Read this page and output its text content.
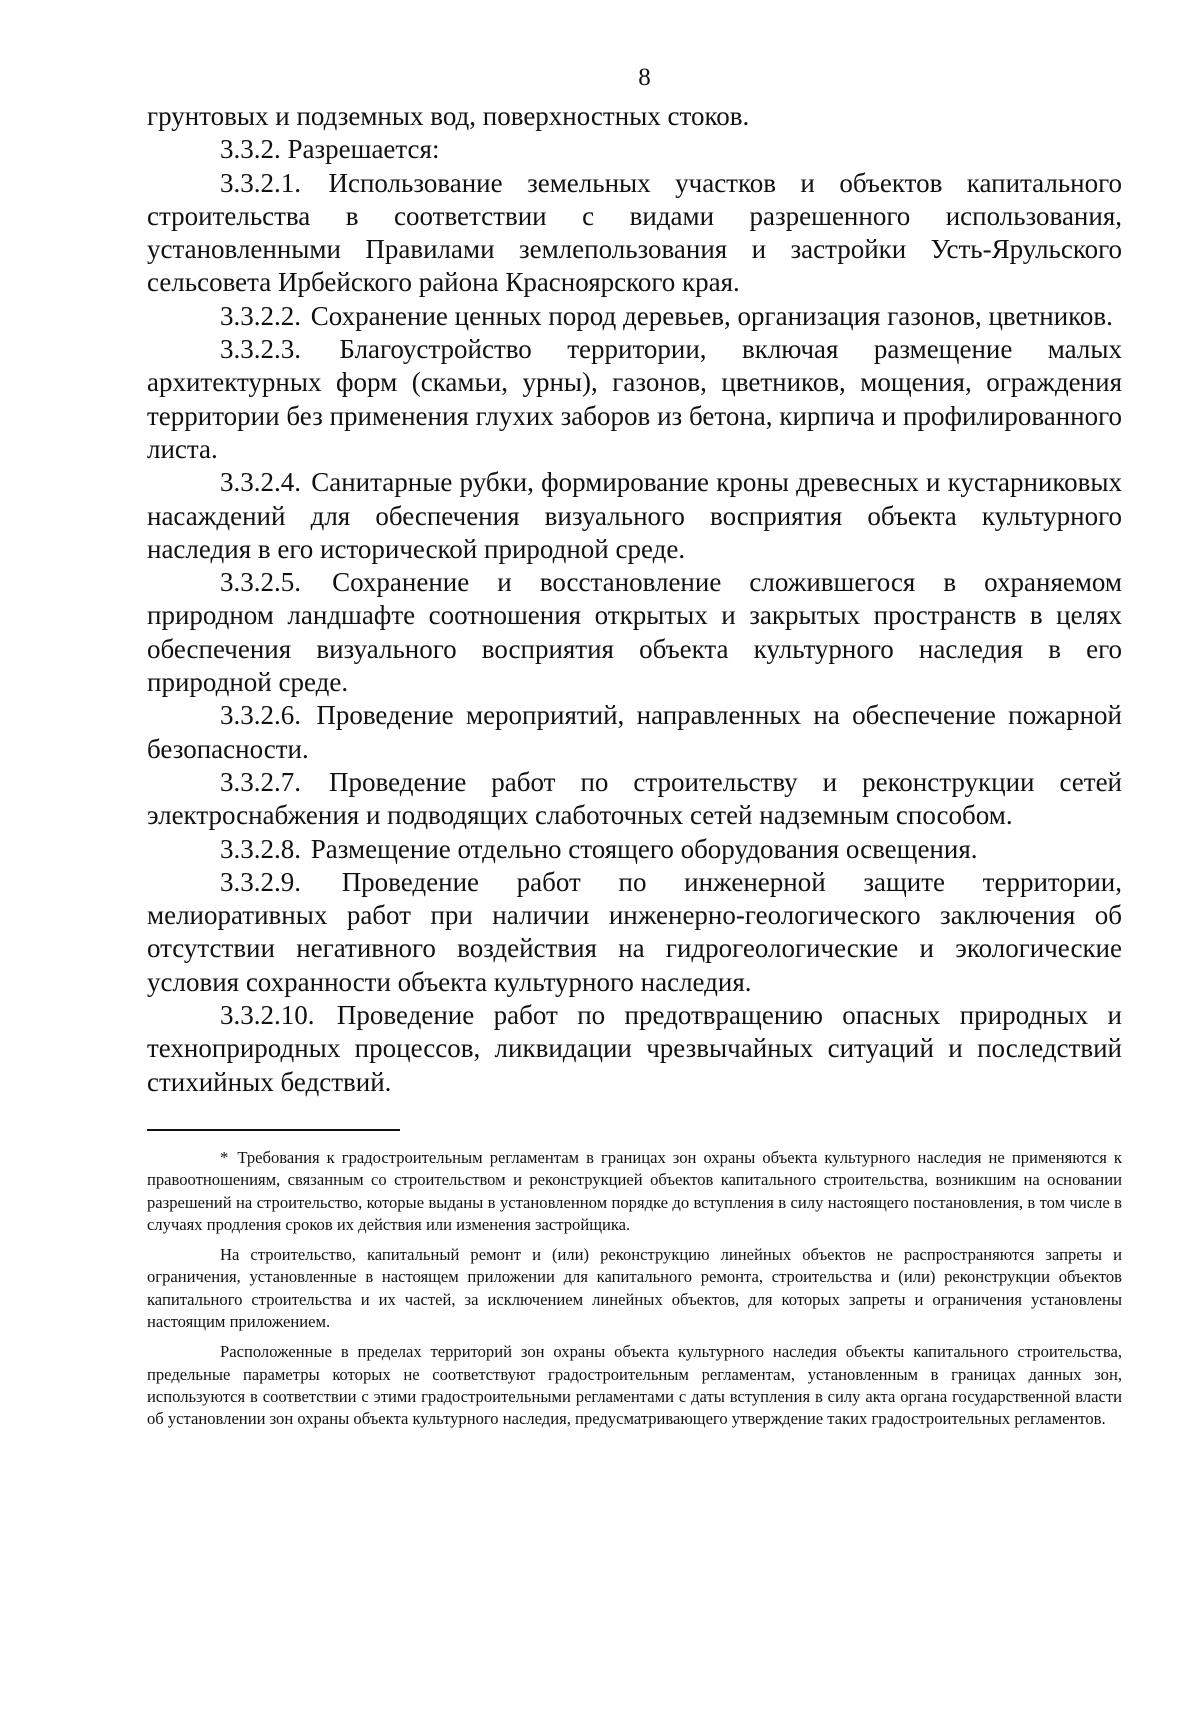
8

грунтовых и подземных вод, поверхностных стоков.

3.3.2. Разрешается:

3.3.2.1. Использование земельных участков и объектов капитального строительства в соответствии с видами разрешенного использования, установленными Правилами землепользования и застройки Усть-Ярульского сельсовета Ирбейского района Красноярского края.

3.3.2.2. Сохранение ценных пород деревьев, организация газонов, цветников.

3.3.2.3. Благоустройство территории, включая размещение малых архитектурных форм (скамьи, урны), газонов, цветников, мощения, ограждения территории без применения глухих заборов из бетона, кирпича и профилированного листа.

3.3.2.4. Санитарные рубки, формирование кроны древесных и кустарниковых насаждений для обеспечения визуального восприятия объекта культурного наследия в его исторической природной среде.

3.3.2.5. Сохранение и восстановление сложившегося в охраняемом природном ландшафте соотношения открытых и закрытых пространств в целях обеспечения визуального восприятия объекта культурного наследия в его природной среде.

3.3.2.6. Проведение мероприятий, направленных на обеспечение пожарной безопасности.

3.3.2.7. Проведение работ по строительству и реконструкции сетей электроснабжения и подводящих слаботочных сетей надземным способом.

3.3.2.8. Размещение отдельно стоящего оборудования освещения.

3.3.2.9. Проведение работ по инженерной защите территории, мелиоративных работ при наличии инженерно-геологического заключения об отсутствии негативного воздействия на гидрогеологические и экологические условия сохранности объекта культурного наследия.

3.3.2.10. Проведение работ по предотвращению опасных природных и техноприродных процессов, ликвидации чрезвычайных ситуаций и последствий стихийных бедствий.

* Требования к градостроительным регламентам в границах зон охраны объекта культурного наследия не применяются к правоотношениям, связанным со строительством и реконструкцией объектов капитального строительства, возникшим на основании разрешений на строительство, которые выданы в установленном порядке до вступления в силу настоящего постановления, в том числе в случаях продления сроков их действия или изменения застройщика.

На строительство, капитальный ремонт и (или) реконструкцию линейных объектов не распространяются запреты и ограничения, установленные в настоящем приложении для капитального ремонта, строительства и (или) реконструкции объектов капитального строительства и их частей, за исключением линейных объектов, для которых запреты и ограничения установлены настоящим приложением.

Расположенные в пределах территорий зон охраны объекта культурного наследия объекты капитального строительства, предельные параметры которых не соответствуют градостроительным регламентам, установленным в границах данных зон, используются в соответствии с этими градостроительными регламентами с даты вступления в силу акта органа государственной власти об установлении зон охраны объекта культурного наследия, предусматривающего утверждение таких градостроительных регламентов.
